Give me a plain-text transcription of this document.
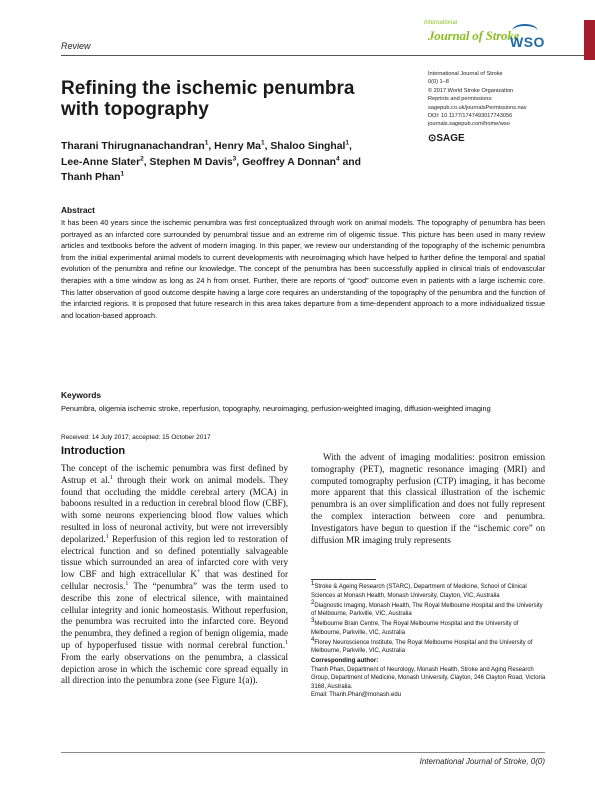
Review
International
Journal of Stroke
WSO
Refining the ischemic penumbra with topography
International Journal of Stroke
0(0) 1–8
© 2017 World Stroke Organization
Reprints and permissions:
sagepub.co.uk/journalsPermissions.nav
DOI: 10.1177/1747493017743056
journals.sagepub.com/home/wso
⊙SAGE
Tharani Thirugnanachandran$^1$, Henry Ma$^1$, Shaloo Singhal$^1$,
Lee-Anne Slater$^2$, Stephen M Davis$^3$, Geoffrey A Donnan$^4$ and
Thanh Phan$^1$
Abstract
It has been 40 years since the ischemic penumbra was first conceptualized through work on animal models. The topography of penumbra has been portrayed as an infarcted core surrounded by penumbral tissue and an extreme rim of oligemic tissue. This picture has been used in many review articles and textbooks before the advent of modern imaging. In this paper, we review our understanding of the topography of the ischemic penumbra from the initial experimental animal models to current developments with neuroimaging which have helped to further define the temporal and spatial evolution of the penumbra and refine our knowledge. The concept of the penumbra has been successfully applied in clinical trials of endovascular therapies with a time window as long as 24 h from onset. Further, there are reports of “good” outcome even in patients with a large ischemic core. This latter observation of good outcome despite having a large core requires an understanding of the topography of the penumbra and the function of the infarcted regions. It is proposed that future research in this area takes departure from a time-dependent approach to a more individualized tissue and location-based approach.
Keywords
Penumbra, oligemia ischemic stroke, reperfusion, topography, neuroimaging, perfusion-weighted imaging, diffusion-weighted imaging
Received: 14 July 2017; accepted: 15 October 2017
Introduction

The concept of the ischemic penumbra was first defined by Astrup et al.$^1$ through their work on animal models. They found that occluding the middle cerebral artery (MCA) in baboons resulted in a reduction in cerebral blood flow (CBF), with some neurons experiencing blood flow values which resulted in loss of neuronal activity, but were not irreversibly depolarized.$^1$ Reperfusion of this region led to restoration of electrical function and so defined potentially salvageable tissue which surrounded an area of infarcted core with very low CBF and high extracellular K+ that was destined for cellular necrosis.$^1$ The “penumbra” was the term used to describe this zone of electrical silence, with maintained cellular integrity and ionic homeostasis. Without reperfusion, the penumbra was recruited into the infarcted core. Beyond the penumbra, they defined a region of benign oligemia, made up of hypoperfused tissue with normal cerebral function.$^1$ From the early observations on the penumbra, a classical depiction arose in which the ischemic core spread equally in all direction into the penumbra zone (see Figure 1(a)).

With the advent of imaging modalities: positron emission tomography (PET), magnetic resonance imaging (MRI) and computed tomography perfusion (CTP) imaging, it has become more apparent that this classical illustration of the ischemic penumbra is an over simplification and does not fully represent the complex interaction between core and penumbra. Investigators have begun to question if the “ischemic core” on diffusion MR imaging truly represents

$^1$Stroke & Ageing Research (STARC), Department of Medicine, School of Clinical Sciences at Monash Health, Monash University, Clayton, VIC, Australia
$^2$Diagnostic Imaging, Monash Health, The Royal Melbourne Hospital and the University of Melbourne, Parkville, VIC, Australia
$^3$Melbourne Brain Centre, The Royal Melbourne Hospital and the University of Melbourne, Parkville, VIC, Australia
$^4$Florey Neuroscience Institute, The Royal Melbourne Hospital and the University of Melbourne, Parkville, VIC, Australia
Corresponding author:
Thanh Phan, Department of Neurology, Monash Health, Stroke and Aging Research Group, Department of Medicine, Monash University, Clayton, 246 Clayton Road, Victoria 3168, Australia.
Email: Thanh.Phan@monash.edu
International Journal of Stroke, 0(0)
